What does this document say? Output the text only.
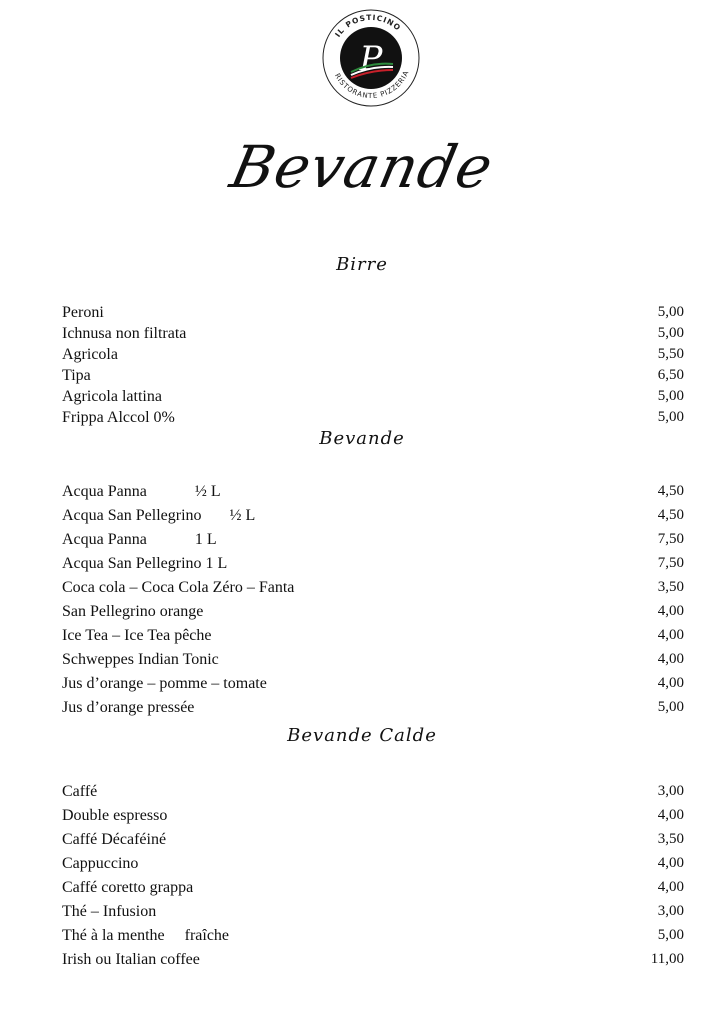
IL POSTICINO
RISTORANTE PIZZERIA
P
Bevande
Birre
Peroni	5,00
Ichnusa non filtrata	5,00
Agricola	5,50
Tipa	6,50
Agricola lattina	5,00
Frippa Alccol 0%	5,00
Bevande
Acqua Panna            ½ L	4,50
Acqua San Pellegrino       ½ L	4,50
Acqua Panna            1 L	7,50
Acqua San Pellegrino 1 L	7,50
Coca cola – Coca Cola Zéro – Fanta	3,50
San Pellegrino orange	4,00
Ice Tea – Ice Tea pêche	4,00
Schweppes Indian Tonic	4,00
Jus d’orange – pomme – tomate	4,00
Jus d’orange pressée	5,00
Bevande Calde
Caffé	3,00
Double espresso	4,00
Caffé Décaféiné	3,50
Cappuccino	4,00
Caffé coretto grappa	4,00
Thé – Infusion	3,00
Thé à la menthe     fraîche	5,00
Irish ou Italian coffee	11,00
